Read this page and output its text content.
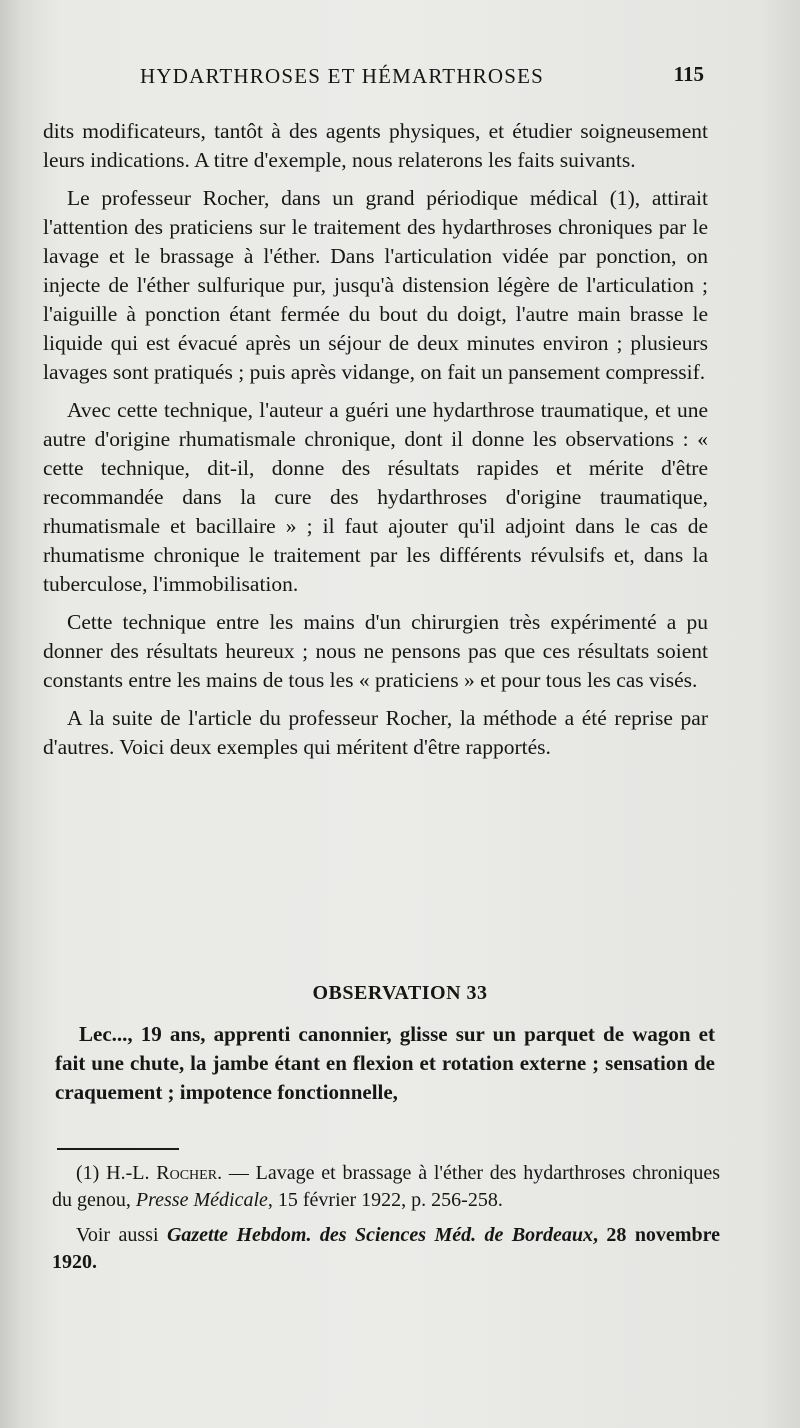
HYDARTHROSES ET HÉMARTHROSES	115

dits modificateurs, tantôt à des agents physiques, et étudier soigneusement leurs indications. A titre d'exemple, nous relaterons les faits suivants.

Le professeur Rocher, dans un grand périodique médical (1), attirait l'attention des praticiens sur le traitement des hydarthroses chroniques par le lavage et le brassage à l'éther. Dans l'articulation vidée par ponction, on injecte de l'éther sulfurique pur, jusqu'à distension légère de l'articulation ; l'aiguille à ponction étant fermée du bout du doigt, l'autre main brasse le liquide qui est évacué après un séjour de deux minutes environ ; plusieurs lavages sont pratiqués ; puis après vidange, on fait un pansement compressif.

Avec cette technique, l'auteur a guéri une hydarthrose traumatique, et une autre d'origine rhumatismale chronique, dont il donne les observations : « cette technique, dit-il, donne des résultats rapides et mérite d'être recommandée dans la cure des hydarthroses d'origine traumatique, rhumatismale et bacillaire » ; il faut ajouter qu'il adjoint dans le cas de rhumatisme chronique le traitement par les différents révulsifs et, dans la tuberculose, l'immobilisation.

Cette technique entre les mains d'un chirurgien très expérimenté a pu donner des résultats heureux ; nous ne pensons pas que ces résultats soient constants entre les mains de tous les « praticiens » et pour tous les cas visés.

A la suite de l'article du professeur Rocher, la méthode a été reprise par d'autres. Voici deux exemples qui méritent d'être rapportés.

OBSERVATION 33

Lec..., 19 ans, apprenti canonnier, glisse sur un parquet de wagon et fait une chute, la jambe étant en flexion et rotation externe ; sensation de craquement ; impotence fonctionnelle,

(1) H.-L. Rocher. — Lavage et brassage à l'éther des hydarthroses chroniques du genou, Presse Médicale, 15 février 1922, p. 256-258.

Voir aussi Gazette Hebdom. des Sciences Méd. de Bordeaux, 28 novembre 1920.
